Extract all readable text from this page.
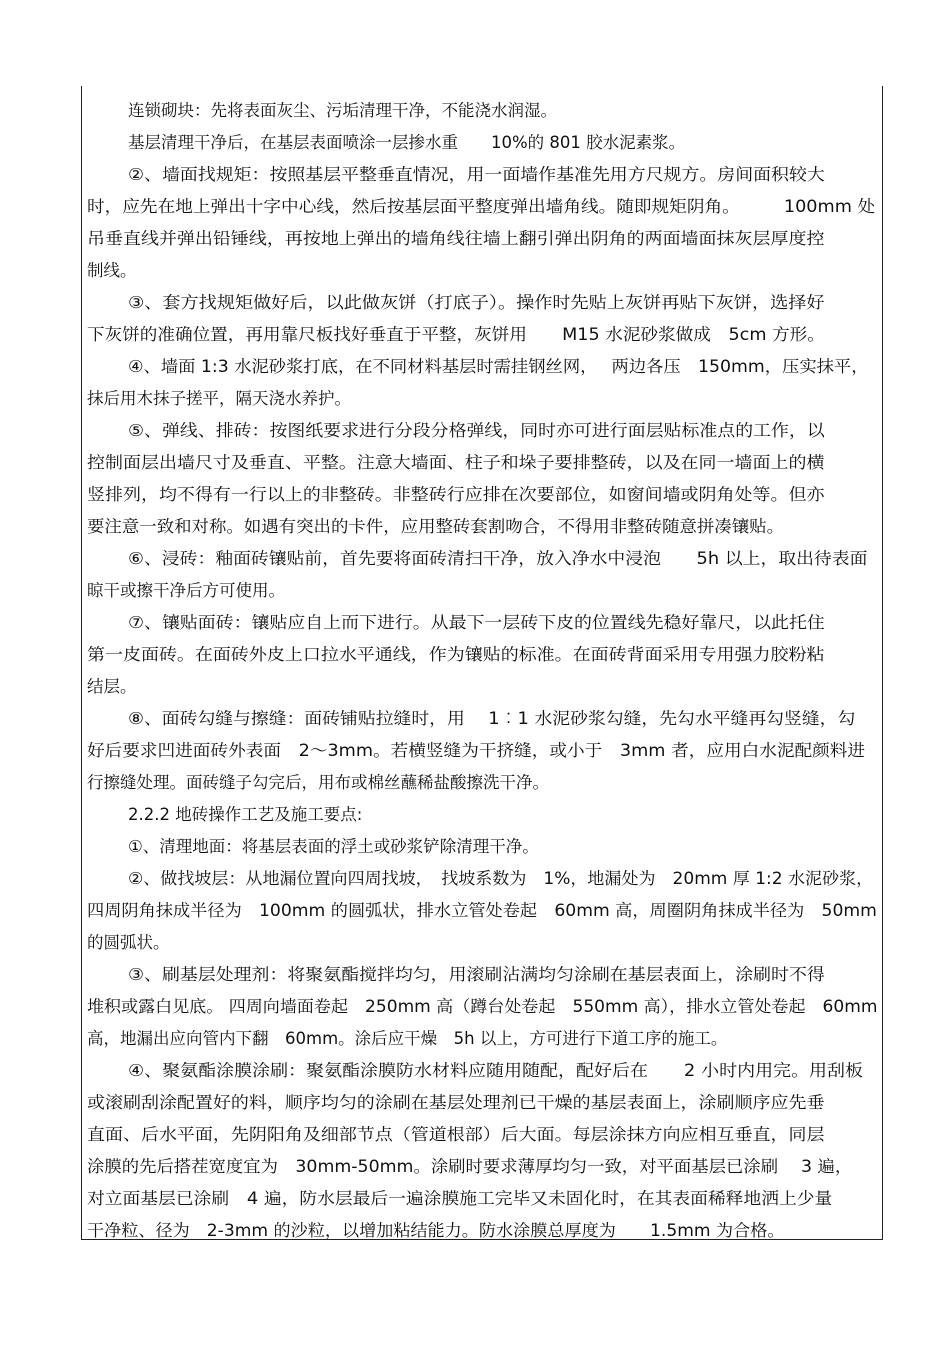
连锁砌块：先将表面灰尘、污垢清理干净，不能浇水润湿。
基层清理干净后，在基层表面喷涂一层掺水重　　10%的 801 胶水泥素浆。
②、墙面找规矩：按照基层平整垂直情况，用一面墙作基准先用方尺规方。房间面积较大
时，应先在地上弹出十字中心线，然后按基层面平整度弹出墙角线。随即规矩阴角。　　　100mm 处
吊垂直线并弹出铅锤线，再按地上弹出的墙角线往墙上翻引弹出阴角的两面墙面抹灰层厚度控
制线。
③、套方找规矩做好后，以此做灰饼（打底子）。操作时先贴上灰饼再贴下灰饼，选择好
下灰饼的准确位置，再用靠尺板找好垂直于平整，灰饼用　　M15 水泥砂浆做成　5cm 方形。
④、墙面 1:3 水泥砂浆打底，在不同材料基层时需挂钢丝网，　 两边各压　150mm，压实抹平，
抹后用木抹子搓平，隔天浇水养护。
⑤、弹线、排砖：按图纸要求进行分段分格弹线，同时亦可进行面层贴标准点的工作，以
控制面层出墙尺寸及垂直、平整。注意大墙面、柱子和垛子要排整砖，以及在同一墙面上的横
竖排列，均不得有一行以上的非整砖。非整砖行应排在次要部位，如窗间墙或阴角处等。但亦
要注意一致和对称。如遇有突出的卡件，应用整砖套割吻合，不得用非整砖随意拼凑镶贴。
⑥、浸砖：釉面砖镶贴前，首先要将面砖清扫干净，放入净水中浸泡　　5h 以上，取出待表面
晾干或擦干净后方可使用。
⑦、镶贴面砖：镶贴应自上而下进行。从最下一层砖下皮的位置线先稳好靠尺，以此托住
第一皮面砖。在面砖外皮上口拉水平通线，作为镶贴的标准。在面砖背面采用专用强力胶粉粘
结层。
⑧、面砖勾缝与擦缝：面砖铺贴拉缝时，用　 1︰1 水泥砂浆勾缝，先勾水平缝再勾竖缝，勾
好后要求凹进面砖外表面　2～3mm。若横竖缝为干挤缝，或小于　3mm 者，应用白水泥配颜料进
行擦缝处理。面砖缝子勾完后，用布或棉丝蘸稀盐酸擦洗干净。
2.2.2 地砖操作工艺及施工要点:
①、清理地面：将基层表面的浮土或砂浆铲除清理干净。
②、做找坡层：从地漏位置向四周找坡，　找坡系数为　1%，地漏处为　20mm 厚 1:2 水泥砂浆，
四周阴角抹成半径为　100mm 的圆弧状，排水立管处卷起　60mm 高，周圈阴角抹成半径为　50mm
的圆弧状。
③、刷基层处理剂：将聚氨酯搅拌均匀，用滚刷沾满均匀涂刷在基层表面上，涂刷时不得
堆积或露白见底。 四周向墙面卷起　250mm 高（蹲台处卷起　550mm 高），排水立管处卷起　60mm
高，地漏出应向管内下翻　60mm。涂后应干燥　5h 以上，方可进行下道工序的施工。
④、聚氨酯涂膜涂刷：聚氨酯涂膜防水材料应随用随配，配好后在　　2 小时内用完。用刮板
或滚刷刮涂配置好的料，顺序均匀的涂刷在基层处理剂已干燥的基层表面上，涂刷顺序应先垂
直面、后水平面，先阴阳角及细部节点（管道根部）后大面。每层涂抹方向应相互垂直，同层
涂膜的先后搭茬宽度宜为　30mm-50mm。涂刷时要求薄厚均匀一致，对平面基层已涂刷　 3 遍，
对立面基层已涂刷　4 遍，防水层最后一遍涂膜施工完毕又未固化时，在其表面稀释地洒上少量
干净粒、径为　2-3mm 的沙粒，以增加粘结能力。防水涂膜总厚度为　　1.5mm 为合格。
